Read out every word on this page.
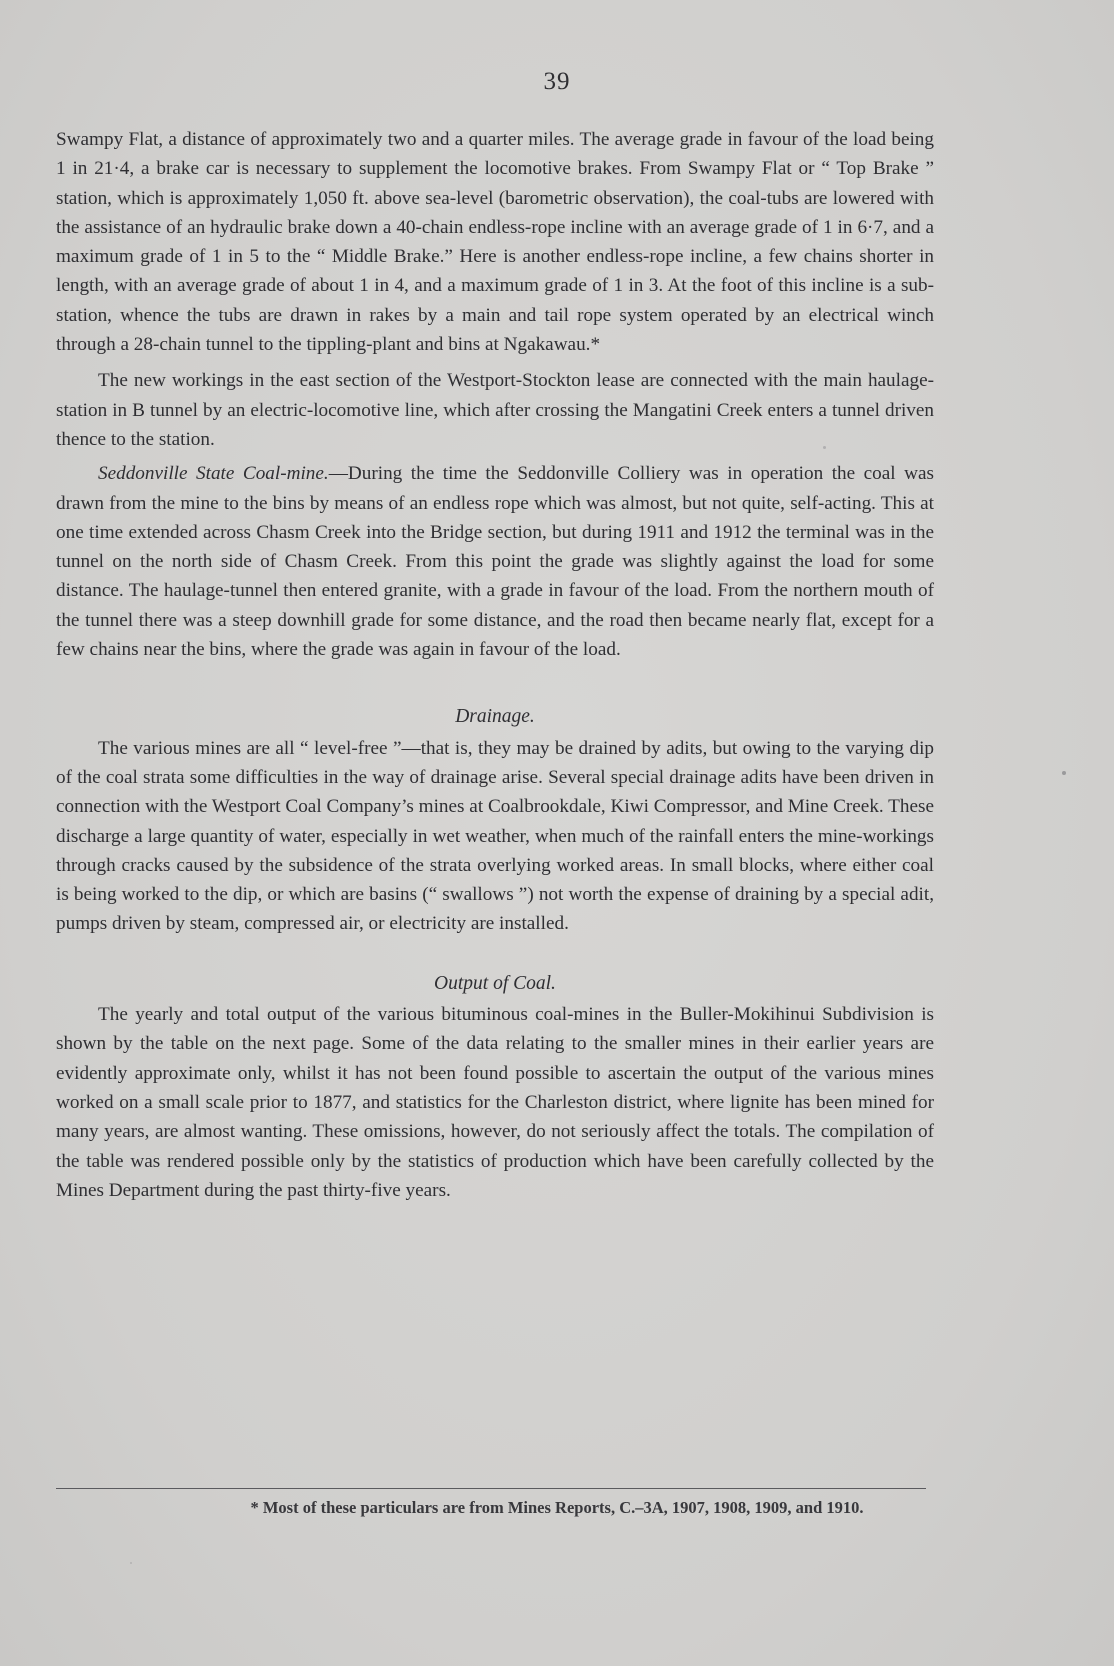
39

Swampy Flat, a distance of approximately two and a quarter miles. The average grade in favour of the load being 1 in 21·4, a brake car is necessary to supplement the locomotive brakes. From Swampy Flat or “ Top Brake ” station, which is approximately 1,050 ft. above sea-level (barometric observation), the coal-tubs are lowered with the assistance of an hydraulic brake down a 40-chain endless-rope incline with an average grade of 1 in 6·7, and a maximum grade of 1 in 5 to the “ Middle Brake.” Here is another endless-rope incline, a few chains shorter in length, with an average grade of about 1 in 4, and a maximum grade of 1 in 3. At the foot of this incline is a sub-station, whence the tubs are drawn in rakes by a main and tail rope system operated by an electrical winch through a 28-chain tunnel to the tippling-plant and bins at Ngakawau.*

The new workings in the east section of the Westport-Stockton lease are connected with the main haulage-station in B tunnel by an electric-locomotive line, which after crossing the Mangatini Creek enters a tunnel driven thence to the station.

Seddonville State Coal-mine.—During the time the Seddonville Colliery was in operation the coal was drawn from the mine to the bins by means of an endless rope which was almost, but not quite, self-acting. This at one time extended across Chasm Creek into the Bridge section, but during 1911 and 1912 the terminal was in the tunnel on the north side of Chasm Creek. From this point the grade was slightly against the load for some distance. The haulage-tunnel then entered granite, with a grade in favour of the load. From the northern mouth of the tunnel there was a steep downhill grade for some distance, and the road then became nearly flat, except for a few chains near the bins, where the grade was again in favour of the load.

Drainage.

The various mines are all “ level-free ”—that is, they may be drained by adits, but owing to the varying dip of the coal strata some difficulties in the way of drainage arise. Several special drainage adits have been driven in connection with the Westport Coal Company’s mines at Coalbrookdale, Kiwi Compressor, and Mine Creek. These discharge a large quantity of water, especially in wet weather, when much of the rainfall enters the mine-workings through cracks caused by the subsidence of the strata overlying worked areas. In small blocks, where either coal is being worked to the dip, or which are basins (“ swallows ”) not worth the expense of draining by a special adit, pumps driven by steam, compressed air, or electricity are installed.

Output of Coal.

The yearly and total output of the various bituminous coal-mines in the Buller-Mokihinui Subdivision is shown by the table on the next page. Some of the data relating to the smaller mines in their earlier years are evidently approximate only, whilst it has not been found possible to ascertain the output of the various mines worked on a small scale prior to 1877, and statistics for the Charleston district, where lignite has been mined for many years, are almost wanting. These omissions, however, do not seriously affect the totals. The compilation of the table was rendered possible only by the statistics of production which have been carefully collected by the Mines Department during the past thirty-five years.

* Most of these particulars are from Mines Reports, C.–3A, 1907, 1908, 1909, and 1910.
